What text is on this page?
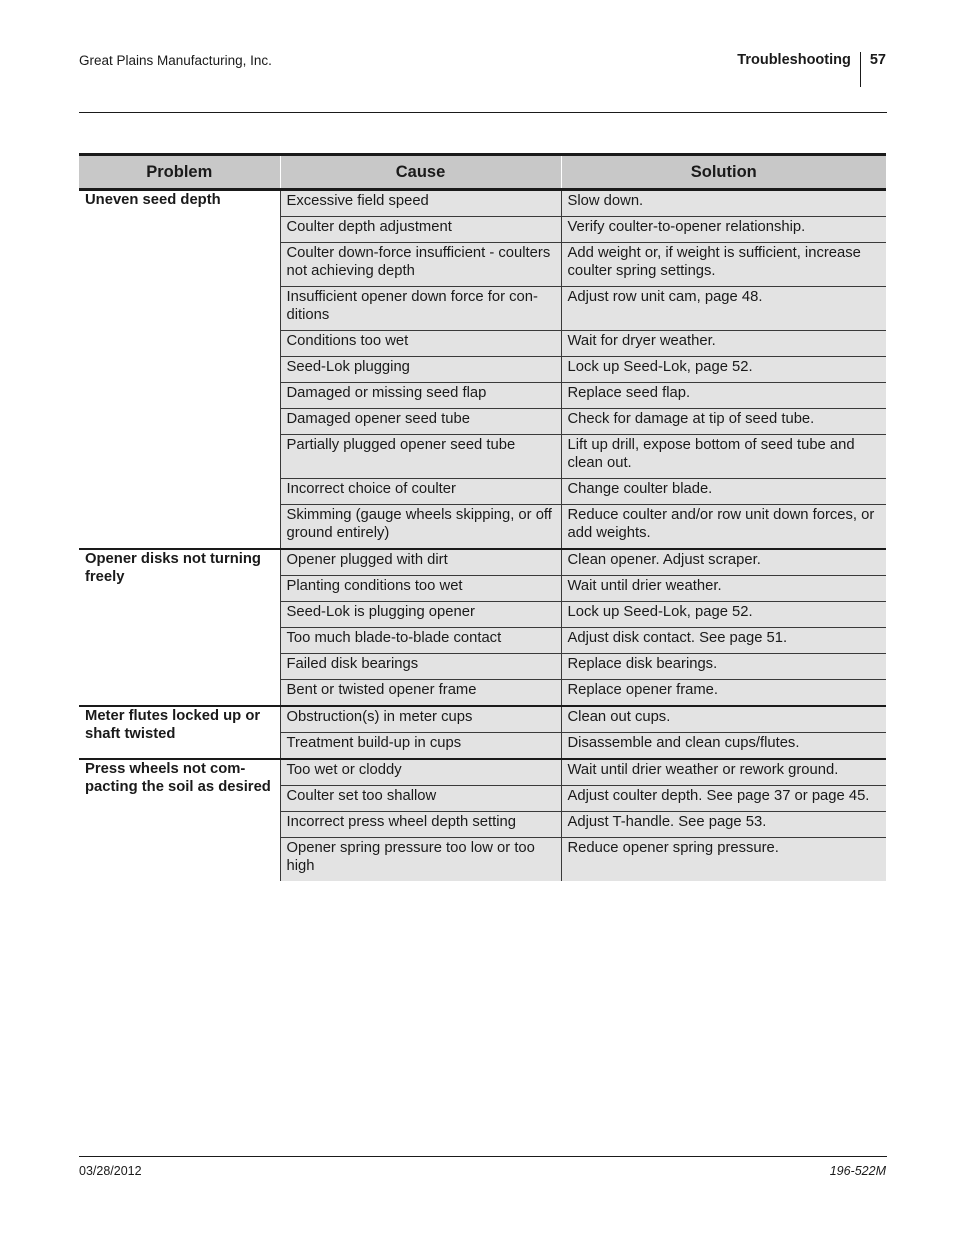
Great Plains Manufacturing, Inc.	Troubleshooting	57
Problem	Cause	Solution
Uneven seed depth	Excessive field speed	Slow down.
	Coulter depth adjustment	Verify coulter-to-opener relationship.
	Coulter down-force insufficient - coulters not achieving depth	Add weight or, if weight is sufficient, increase coulter spring settings.
	Insufficient opener down force for con-ditions	Adjust row unit cam, page 48.
	Conditions too wet	Wait for dryer weather.
	Seed-Lok plugging	Lock up Seed-Lok, page 52.
	Damaged or missing seed flap	Replace seed flap.
	Damaged opener seed tube	Check for damage at tip of seed tube.
	Partially plugged opener seed tube	Lift up drill, expose bottom of seed tube and clean out.
	Incorrect choice of coulter	Change coulter blade.
	Skimming (gauge wheels skipping, or off ground entirely)	Reduce coulter and/or row unit down forces, or add weights.
Opener disks not turning freely	Opener plugged with dirt	Clean opener. Adjust scraper.
	Planting conditions too wet	Wait until drier weather.
	Seed-Lok is plugging opener	Lock up Seed-Lok, page 52.
	Too much blade-to-blade contact	Adjust disk contact. See page 51.
	Failed disk bearings	Replace disk bearings.
	Bent or twisted opener frame	Replace opener frame.
Meter flutes locked up or shaft twisted	Obstruction(s) in meter cups	Clean out cups.
	Treatment build-up in cups	Disassemble and clean cups/flutes.
Press wheels not com-pacting the soil as desired	Too wet or cloddy	Wait until drier weather or rework ground.
	Coulter set too shallow	Adjust coulter depth. See page 37 or page 45.
	Incorrect press wheel depth setting	Adjust T-handle. See page 53.
	Opener spring pressure too low or too high	Reduce opener spring pressure.
03/28/2012	196-522M
